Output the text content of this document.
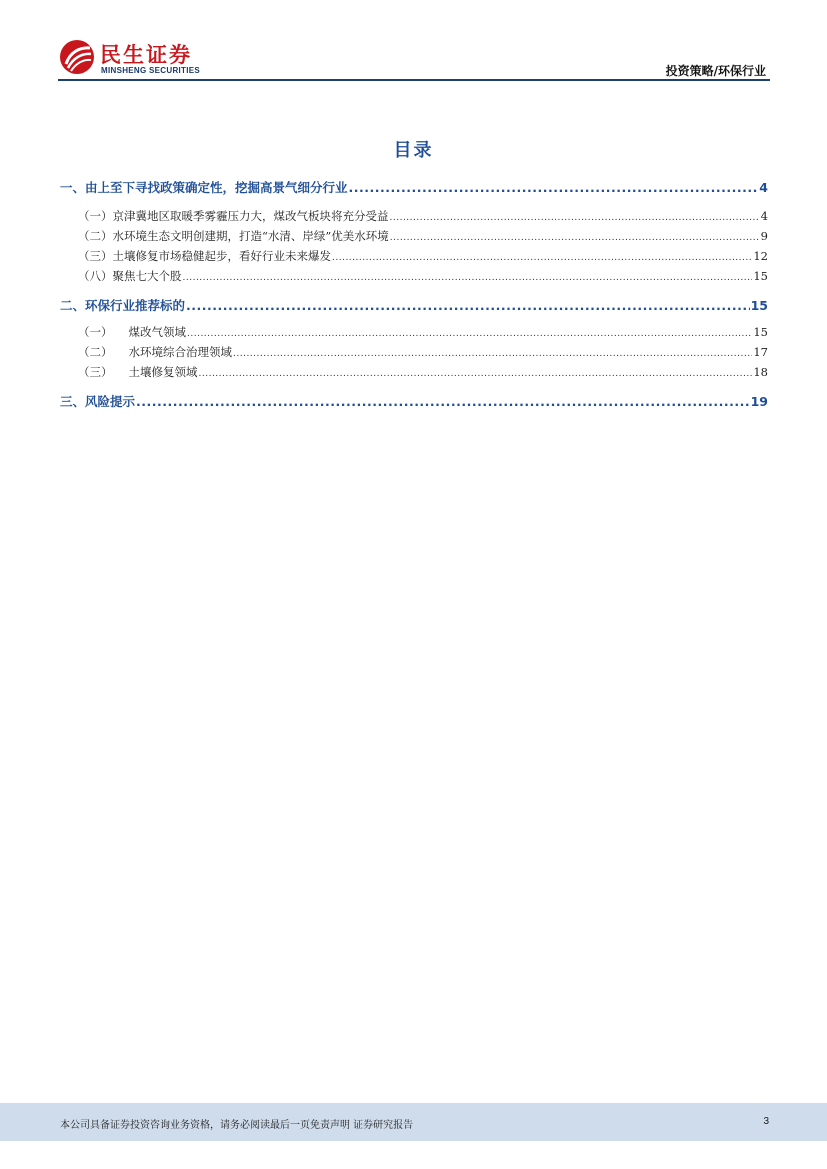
民生证券
MINSHENG SECURITIES	投资策略/环保行业
目录
一、由上至下寻找政策确定性，挖掘高景气细分行业 .....	4
（一）京津冀地区取暖季雾霾压力大，煤改气板块将充分受益 .....	4
（二）水环境生态文明创建期，打造“水清、岸绿”优美水环境 .....	9
（三）土壤修复市场稳健起步，看好行业未来爆发 .....	12
（八）聚焦七大个股 .....	15
二、环保行业推荐标的 .....	15
（一） 煤改气领域 .....	15
（二） 水环境综合治理领域 .....	17
（三） 土壤修复领域 .....	18
三、风险提示 .....	19
本公司具备证券投资咨询业务资格，请务必阅读最后一页免责声明 证券研究报告	3
